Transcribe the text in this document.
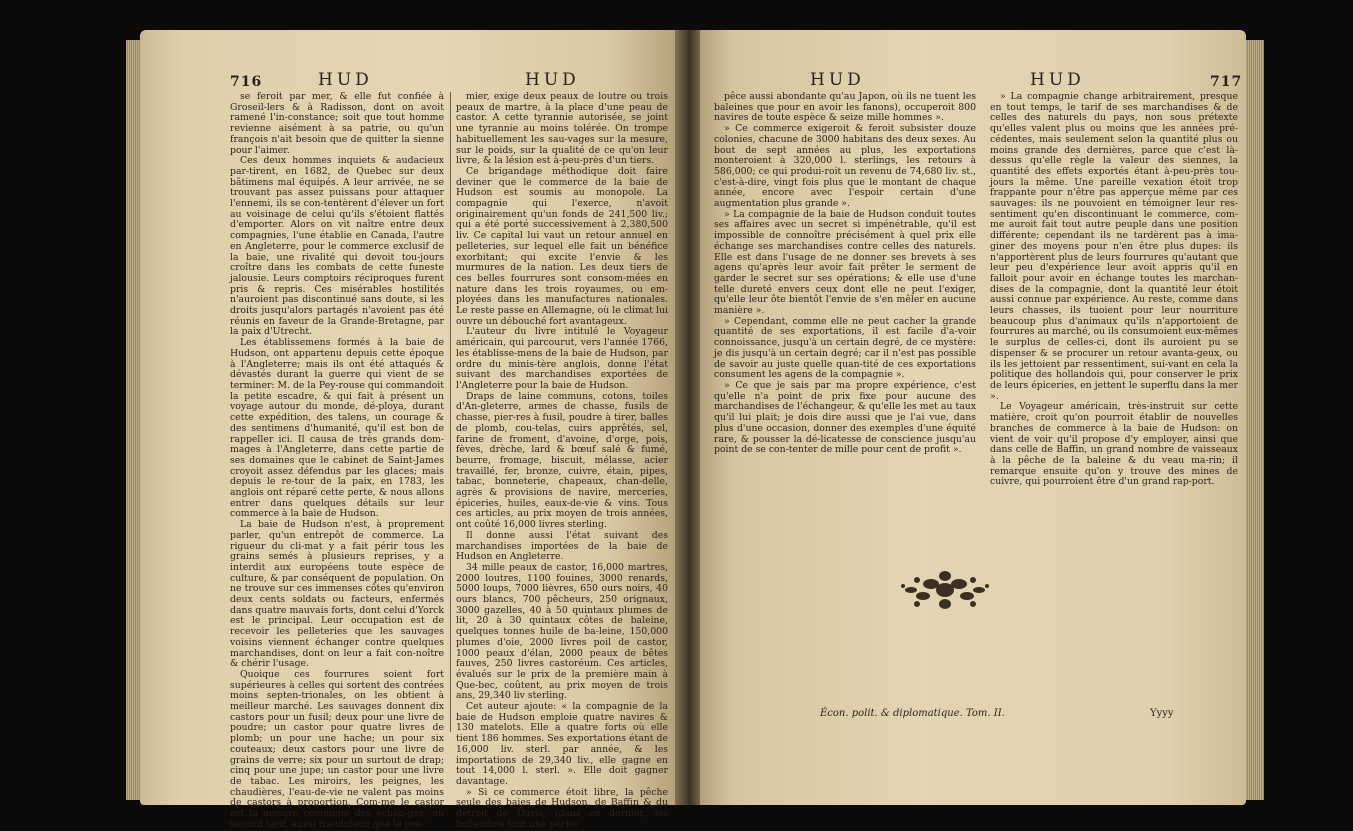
716	HUD	HUD

se feroit par mer, & elle fut confiée à Groseil-lers & à Radisson, dont on avoit ramené l'in-constance; soit que tout homme revienne aisément à sa patrie, ou qu'un françois n'ait besoin que de quitter la sienne pour l'aimer.

Ces deux hommes inquiets & audacieux par-tirent, en 1682, de Quebec sur deux bâtimens mal équipés. A leur arrivée, ne se trouvant pas assez puissans pour attaquer l'ennemi, ils se con-tentèrent d'élever un fort au voisinage de celui qu'ils s'étoient flattés d'emporter. Alors on vit naître entre deux compagnies, l'une établie en Canada, l'autre en Angleterre, pour le commerce exclusif de la baie, une rivalité qui devoit tou-jours croître dans les combats de cette funeste jalousie. Leurs comptoirs réciproques furent pris & repris. Ces misérables hostilités n'auroient pas discontinué sans doute, si les droits jusqu'alors partagés n'avoient pas été réunis en faveur de la Grande-Bretagne, par la paix d'Utrecht.

Les établissemens formés à la baie de Hudson, ont appartenu depuis cette époque à l'Angleterre; mais ils ont été attaqués & dévastés durant la guerre qui vient de se terminer: M. de la Pey-rouse qui commandoit la petite escadre, & qui fait à présent un voyage autour du monde, dé-ploya, durant cette expédition, des talens, un courage & des sentimens d'humanité, qu'il est bon de rappeller ici. Il causa de très grands dom-mages à l'Angleterre, dans cette partie de ses domaines que le cabinet de Saint-James croyoit assez défendus par les glaces; mais depuis le re-tour de la paix, en 1783, les anglois ont réparé cette perte, & nous allons entrer dans quelques détails sur leur commerce à la baie de Hudson.

La baie de Hudson n'est, à proprement parler, qu'un entrepôt de commerce. La rigueur du cli-mat y a fait périr tous les grains semés à plusieurs reprises, y a interdit aux européens toute espèce de culture, & par conséquent de population. On ne trouve sur ces immenses côtes qu'environ deux cents soldats ou facteurs, enfermés dans quatre mauvais forts, dont celui d'Yorck est le principal. Leur occupation est de recevoir les pelleteries que les sauvages voisins viennent échanger contre quelques marchandises, dont on leur a fait con-noître & chérir l'usage.

Quoique ces fourrures soient fort supérieures à celles qui sortent des contrées moins septen-trionales, on les obtient à meilleur marché. Les sauvages donnent dix castors pour un fusil; deux pour une livre de poudre; un castor pour quatre livres de plomb; un pour une hache; un pour six couteaux; deux castors pour une livre de grains de verre; six pour un surtout de drap; cinq pour une jupe; un castor pour une livre de tabac. Les miroirs, les peignes, les chaudières, l'eau-de-vie ne valent pas moins de castors à proportion. Com-me le castor est la mesure commune des échan-ges, un second tarif, aussi frauduleux que le pre-

mier, exige deux peaux de loutre ou trois peaux de martre, à la place d'une peau de castor. A cette tyrannie autorisée, se joint une tyrannie au moins tolérée. On trompe habituellement les sau-vages sur la mesure, sur le poids, sur la qualité de ce qu'on leur livre, & la lésion est à-peu-près d'un tiers.

Ce brigandage méthodique doit faire deviner que le commerce de la baie de Hudson est soumis au monopole. La compagnie qui l'exerce, n'avoit originairement qu'un fonds de 241,500 liv.; qui a été porté successivement à 2,380,500 liv. Ce capital lui vaut un retour annuel en pelleteries, sur lequel elle fait un bénéfice exorbitant; qui excite l'envie & les murmures de la nation. Les deux tiers de ces belles fourrures sont consom-mées en nature dans les trois royaumes, ou em-ployées dans les manufactures nationales. Le reste passe en Allemagne, où le climat lui ouvre un débouché fort avantageux.

L'auteur du livre intitulé le Voyageur américain, qui parcourut, vers l'année 1766, les établisse-mens de la baie de Hudson, par ordre du minis-tère anglois, donne l'état suivant des marchandises exportées de l'Angleterre pour la baie de Hudson.

Draps de laine communs, cotons, toiles d'An-gleterre, armes de chasse, fusils de chasse, pier-res à fusil, poudre à tirer, balles de plomb, cou-telas, cuirs apprêtés, sel, farine de froment, d'avoine, d'orge, pois, fèves, drèche, lard & bœuf salé & fumé, beurre, fromage, biscuit, mélasse, acier travaillé, fer, bronze, cuivre, étain, pipes, tabac, bonneterie, chapeaux, chan-delle, agrès & provisions de navire, merceries, épiceries, huiles, eaux-de-vie & vins. Tous ces articles, au prix moyen de trois années, ont coûté 16,000 livres sterling.

Il donne aussi l'état suivant des marchandises importées de la baie de Hudson en Angleterre.

34 mille peaux de castor, 16,000 martres, 2000 loutres, 1100 fouines, 3000 renards, 5000 loups, 7000 lièvres, 650 ours noirs, 40 ours blancs, 700 pêcheurs, 250 orignaux, 3000 gazelles, 40 à 50 quintaux plumes de lit, 20 à 30 quintaux côtes de baleine, quelques tonnes huile de ba-leine, 150,000 plumes d'oie, 2000 livres poil de castor, 1000 peaux d'élan, 2000 peaux de bêtes fauves, 250 livres castoréum. Ces articles, évalués sur le prix de la première main à Que-bec, coûtent, au prix moyen de trois ans, 29,340 liv sterling.

Cet auteur ajoute: « la compagnie de la baie de Hudson emploie quatre navires & 130 matelots. Elle a quatre forts où elle tient 186 hommes. Ses exportations étant de 16,000 liv. sterl. par année, & les importations de 29,340 liv., elle gagne en tout 14,000 l. sterl. ». Elle doit gagner davantage.

» Si ce commerce étoit libre, la pêche seule des baies de Hudson, de Baffin & du détroit de Davis, (dans ce dernier, les hollandois font une pêche

HUD	HUD	717

pêce aussi abondante qu'au Japon, où ils ne tuent les baleines que pour en avoir les fanons), occuperoit 800 navires de toute espèce & seize mille hommes ».

» Ce commerce exigeroit & feroit subsister douze colonies, chacune de 3000 habitans des deux sexes. Au bout de sept années au plus, les exportations monteroient à 320,000 l. sterlings, les retours à 586,000; ce qui produi-roit un revenu de 74,680 liv. st., c'est-à-dire, vingt fois plus que le montant de chaque année, encore avec l'espoir certain d'une augmentation plus grande ».

» La compagnie de la baie de Hudson conduit toutes ses affaires avec un secret si impénétrable, qu'il est impossible de connoître précisément à quel prix elle échange ses marchandises contre celles des naturels. Elle est dans l'usage de ne donner ses brevets à ses agens qu'après leur avoir fait prêter le serment de garder le secret sur ses opérations; & elle use d'une telle dureté envers ceux dont elle ne peut l'exiger, qu'elle leur ôte bientôt l'envie de s'en mêler en aucune manière ».

» Cependant, comme elle ne peut cacher la grande quantité de ses exportations, il est facile d'a-voir connoissance, jusqu'à un certain degré, de ce mystère: je dis jusqu'à un certain degré; car il n'est pas possible de savoir au juste quelle quan-tité de ces exportations consument les agens de la compagnie ».

» Ce que je sais par ma propre expérience, c'est qu'elle n'a point de prix fixe pour aucune des marchandises de l'échangeur, & qu'elle les met au taux qu'il lui plait; je dois dire aussi que je l'ai vue, dans plus d'une occasion, donner des exemples d'une équité rare, & pousser la dé-licatesse de conscience jusqu'au point de se con-tenter de mille pour cent de profit ».

» La compagnie change arbitrairement, presque en tout temps, le tarif de ses marchandises & de celles des naturels du pays, non sous prétexte qu'elles valent plus ou moins que les années pré-cédentes, mais seulement selon la quantité plus ou moins grande des dernières, parce que c'est là-dessus qu'elle règle la valeur des siennes, la quantité des effets exportés étant à-peu-près tou-jours la même. Une pareille vexation étoit trop frappante pour n'être pas apperçue même par ces sauvages: ils ne pouvoient en témoigner leur res-sentiment qu'en discontinuant le commerce, com-me auroit fait tout autre peuple dans une position différente; cependant ils ne tardèrent pas à ima-giner des moyens pour n'en être plus dupes: ils n'apportèrent plus de leurs fourrures qu'autant que leur peu d'expérience leur avoit appris qu'il en falloit pour avoir en échange toutes les marchan-dises de la compagnie, dont la quantité leur étoit aussi connue par expérience. Au reste, comme dans leurs chasses, ils tuoient pour leur nourriture beaucoup plus d'animaux qu'ils n'apportoient de fourrures au marché, ou ils consumoient eux-mêmes le surplus de celles-ci, dont ils auroient pu se dispenser & se procurer un retour avanta-geux, ou ils les jettoient par ressentiment, sui-vant en cela la politique des hollandois qui, pour conserver le prix de leurs épiceries, en jettent le superflu dans la mer ».

Le Voyageur américain, très-instruit sur cette matière, croit qu'on pourroit établir de nouvelles branches de commerce à la baie de Hudson: on vient de voir qu'il propose d'y employer, ainsi que dans celle de Baffin, un grand nombre de vaisseaux à la pêche de la baleine & du veau ma-rin; il remarque ensuite qu'on y trouve des mines de cuivre, qui pourroient être d'un grand rap-port.

Écon. polit. & diplomatique. Tom. II.	Yyyy
